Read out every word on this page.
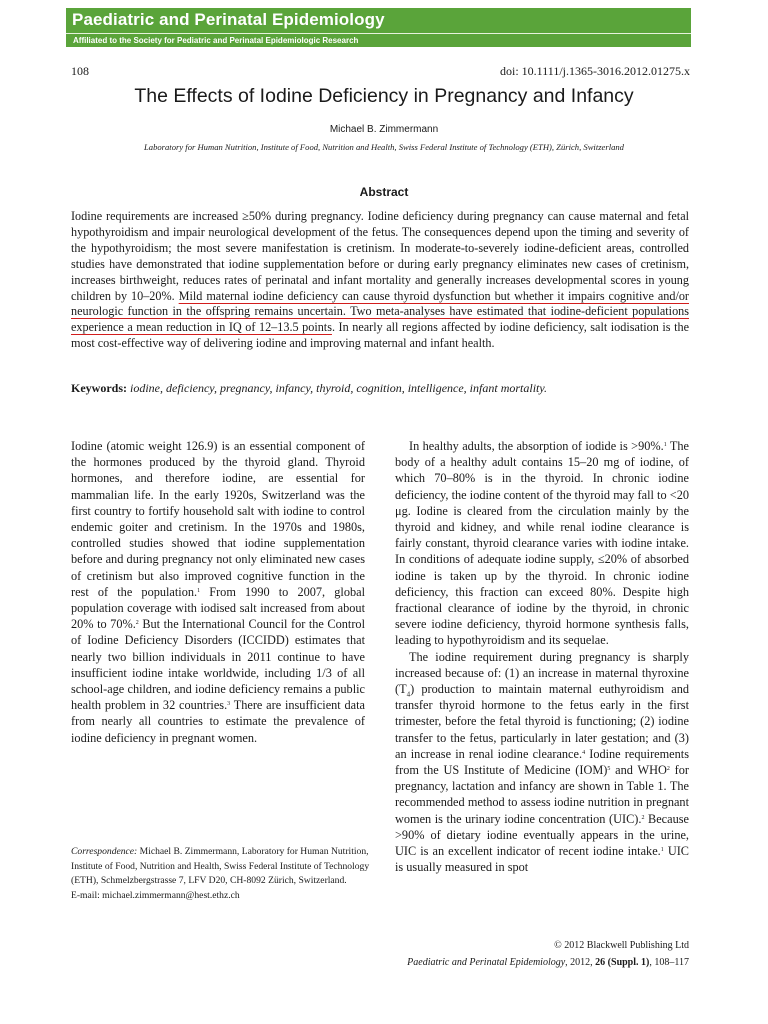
Paediatric and Perinatal Epidemiology
Affiliated to the Society for Pediatric and Perinatal Epidemiologic Research
108	doi: 10.1111/j.1365-3016.2012.01275.x
The Effects of Iodine Deficiency in Pregnancy and Infancy
Michael B. Zimmermann
Laboratory for Human Nutrition, Institute of Food, Nutrition and Health, Swiss Federal Institute of Technology (ETH), Zürich, Switzerland
Abstract
Iodine requirements are increased ≥50% during pregnancy. Iodine deficiency during pregnancy can cause maternal and fetal hypothyroidism and impair neurological development of the fetus. The consequences depend upon the timing and severity of the hypothyroidism; the most severe manifestation is cretinism. In moderate-to-severely iodine-deficient areas, controlled studies have demonstrated that iodine supplementation before or during early pregnancy eliminates new cases of cretinism, increases birthweight, reduces rates of perinatal and infant mortality and generally increases developmental scores in young children by 10–20%. Mild maternal iodine deficiency can cause thyroid dysfunction but whether it impairs cognitive and/or neurologic function in the offspring remains uncertain. Two meta-analyses have estimated that iodine-deficient populations experience a mean reduction in IQ of 12–13.5 points. In nearly all regions affected by iodine deficiency, salt iodisation is the most cost-effective way of delivering iodine and improving maternal and infant health.
Keywords: iodine, deficiency, pregnancy, infancy, thyroid, cognition, intelligence, infant mortality.

Iodine (atomic weight 126.9) is an essential component of the hormones produced by the thyroid gland. Thyroid hormones, and therefore iodine, are essential for mammalian life. In the early 1920s, Switzerland was the first country to fortify household salt with iodine to control endemic goiter and cretinism. In the 1970s and 1980s, controlled studies showed that iodine supplementation before and during pregnancy not only eliminated new cases of cretinism but also improved cognitive function in the rest of the population.$^1$ From 1990 to 2007, global population coverage with iodised salt increased from about 20% to 70%.$^2$ But the International Council for the Control of Iodine Deficiency Disorders (ICCIDD) estimates that nearly two billion individuals in 2011 continue to have insufficient iodine intake worldwide, including 1/3 of all school-age children, and iodine deficiency remains a public health problem in 32 countries.$^3$ There are insufficient data from nearly all countries to estimate the prevalence of iodine deficiency in pregnant women.

Correspondence: Michael B. Zimmermann, Laboratory for Human Nutrition, Institute of Food, Nutrition and Health, Swiss Federal Institute of Technology (ETH), Schmelzbergstrasse 7, LFV D20, CH-8092 Zürich, Switzerland.
E-mail: michael.zimmermann@hest.ethz.ch

In healthy adults, the absorption of iodide is >90%.$^1$ The body of a healthy adult contains 15–20 mg of iodine, of which 70–80% is in the thyroid. In chronic iodine deficiency, the iodine content of the thyroid may fall to <20 μg. Iodine is cleared from the circulation mainly by the thyroid and kidney, and while renal iodine clearance is fairly constant, thyroid clearance varies with iodine intake. In conditions of adequate iodine supply, ≤20% of absorbed iodine is taken up by the thyroid. In chronic iodine deficiency, this fraction can exceed 80%. Despite high fractional clearance of iodine by the thyroid, in chronic severe iodine deficiency, thyroid hormone synthesis falls, leading to hypothyroidism and its sequelae.

The iodine requirement during pregnancy is sharply increased because of: (1) an increase in maternal thyroxine $(T_4)$ production to maintain maternal euthyroidism and transfer thyroid hormone to the fetus early in the first trimester, before the fetal thyroid is functioning; (2) iodine transfer to the fetus, particularly in later gestation; and (3) an increase in renal iodine clearance.$^4$ Iodine requirements from the US Institute of Medicine (IOM)$^5$ and WHO$^2$ for pregnancy, lactation and infancy are shown in Table 1. The recommended method to assess iodine nutrition in pregnant women is the urinary iodine concentration (UIC).$^2$ Because >90% of dietary iodine eventually appears in the urine, UIC is an excellent indicator of recent iodine intake.$^1$ UIC is usually measured in spot

© 2012 Blackwell Publishing Ltd
Paediatric and Perinatal Epidemiology, 2012, 26 (Suppl. 1), 108–117
